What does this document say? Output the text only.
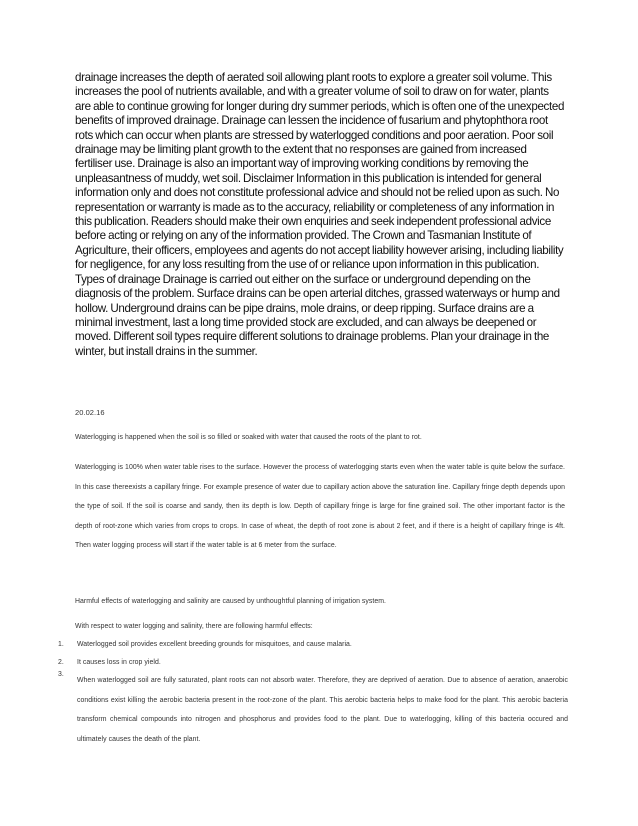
drainage increases the depth of aerated soil allowing plant roots to explore a greater soil volume. This increases the pool of nutrients available, and with a greater volume of soil to draw on for water, plants are able to continue growing for longer during dry summer periods, which is often one of the unexpected benefits of improved drainage. Drainage can lessen the incidence of fusarium and phytophthora root rots which can occur when plants are stressed by waterlogged conditions and poor aeration. Poor soil drainage may be limiting plant growth to the extent that no responses are gained from increased fertiliser use. Drainage is also an important way of improving working conditions by removing the unpleasantness of muddy, wet soil. Disclaimer Information in this publication is intended for general information only and does not constitute professional advice and should not be relied upon as such. No representation or warranty is made as to the accuracy, reliability or completeness of any information in this publication. Readers should make their own enquiries and seek independent professional advice before acting or relying on any of the information provided. The Crown and Tasmanian Institute of Agriculture, their officers, employees and agents do not accept liability however arising, including liability for negligence, for any loss resulting from the use of or reliance upon information in this publication. Types of drainage Drainage is carried out either on the surface or underground depending on the diagnosis of the problem. Surface drains can be open arterial ditches, grassed waterways or hump and hollow. Underground drains can be pipe drains, mole drains, or deep ripping. Surface drains are a minimal investment, last a long time provided stock are excluded, and can always be deepened or moved. Different soil types require different solutions to drainage problems. Plan your drainage in the winter, but install drains in the summer.

20.02.16

Waterlogging is happened when the soil is so filled or soaked with water that caused the roots of the plant to rot.

Waterlogging is 100% when water table rises to the surface. However the process of waterlogging starts even when the water table is quite below the surface. In this case thereexists a capillary fringe. For example presence of water due to capillary action above the saturation line. Capillary fringe depth depends upon the type of soil. If the soil is coarse and sandy, then its depth is low. Depth of capillary fringe is large for fine grained soil. The other important factor is the depth of root-zone which varies from crops to crops. In case of wheat, the depth of root zone is about 2 feet, and if there is a height of capillary fringe is 4ft. Then water logging process will start if the water table is at 6 meter from the surface.

Harmful effects of waterlogging and salinity are caused by unthoughtful planning of irrigation system.

With respect to water logging and salinity, there are following harmful effects:

1.	Waterlogged soil provides excellent breeding grounds for misquitoes, and cause malaria.
2.	It causes loss in crop yield.
3.
When waterlogged soil are fully saturated, plant roots can not absorb water. Therefore, they are deprived of aeration. Due to absence of aeration, anaerobic conditions exist killing the aerobic bacteria present in the root-zone of the plant. This aerobic bacteria helps to make food for the plant. This aerobic bacteria transform chemical compounds into nitrogen and phosphorus and provides food to the plant. Due to waterlogging, killing of this bacteria occured and ultimately causes the death of the plant.
